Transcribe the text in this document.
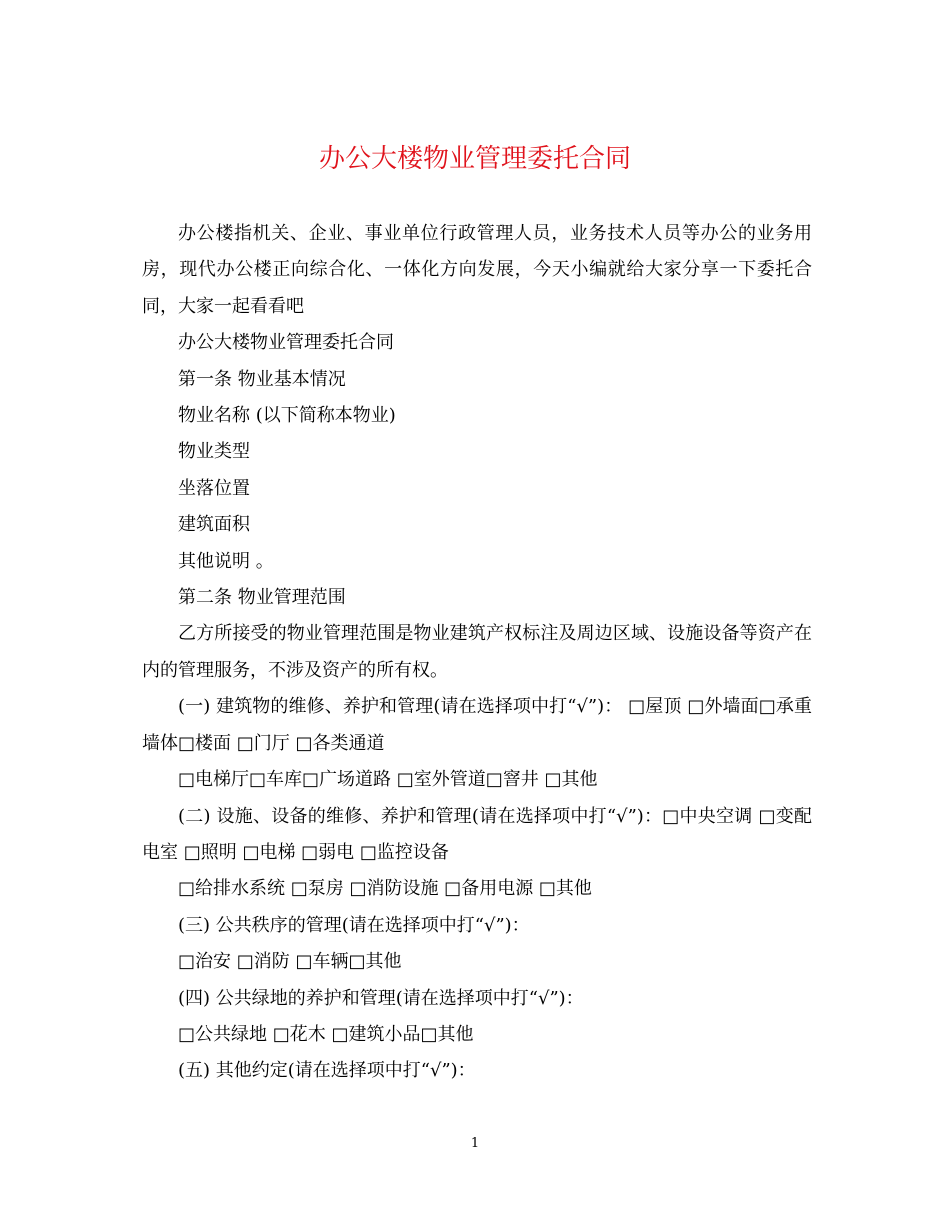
办公大楼物业管理委托合同

办公楼指机关、企业、事业单位行政管理人员，业务技术人员等办公的业务用房，现代办公楼正向综合化、一体化方向发展，今天小编就给大家分享一下委托合同，大家一起看看吧

办公大楼物业管理委托合同

第一条 物业基本情况

物业名称 (以下简称本物业)

物业类型

坐落位置

建筑面积

其他说明 。

第二条 物业管理范围

乙方所接受的物业管理范围是物业建筑产权标注及周边区域、设施设备等资产在内的管理服务，不涉及资产的所有权。

(一) 建筑物的维修、养护和管理(请在选择项中打“√”)： □屋顶 □外墙面□承重墙体□楼面 □门厅 □各类通道

□电梯厅□车库□广场道路 □室外管道□窨井 □其他

(二) 设施、设备的维修、养护和管理(请在选择项中打“√”)：□中央空调 □变配电室 □照明 □电梯 □弱电 □监控设备

□给排水系统 □泵房 □消防设施 □备用电源 □其他

(三) 公共秩序的管理(请在选择项中打“√”)：

□治安 □消防 □车辆□其他

(四) 公共绿地的养护和管理(请在选择项中打“√”)：

□公共绿地 □花木 □建筑小品□其他

(五) 其他约定(请在选择项中打“√”)：

1
